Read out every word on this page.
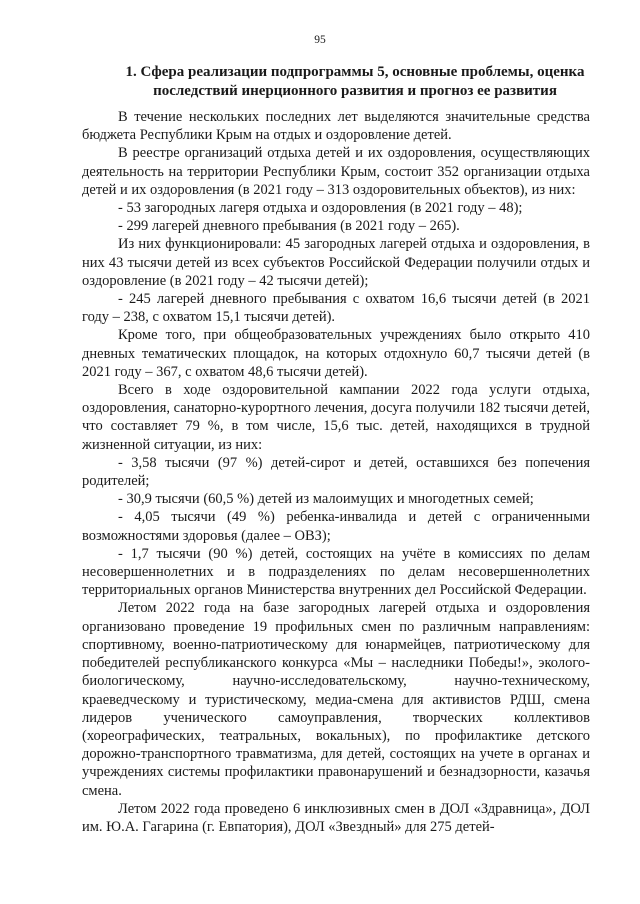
95
1. Сфера реализации подпрограммы 5, основные проблемы, оценка последствий инерционного развития и прогноз ее развития

В течение нескольких последних лет выделяются значительные средства бюджета Республики Крым на отдых и оздоровление детей.

В реестре организаций отдыха детей и их оздоровления, осуществляющих деятельность на территории Республики Крым, состоит 352 организации отдыха детей и их оздоровления (в 2021 году – 313 оздоровительных объектов), из них:

- 53 загородных лагеря отдыха и оздоровления (в 2021 году – 48);

- 299 лагерей дневного пребывания (в 2021 году – 265).

Из них функционировали: 45 загородных лагерей отдыха и оздоровления, в них 43 тысячи детей из всех субъектов Российской Федерации получили отдых и оздоровление (в 2021 году – 42 тысячи детей);

- 245 лагерей дневного пребывания с охватом 16,6 тысячи детей (в 2021 году – 238, с охватом 15,1 тысячи детей).

Кроме того, при общеобразовательных учреждениях было открыто 410 дневных тематических площадок, на которых отдохнуло 60,7 тысячи детей (в 2021 году – 367, с охватом 48,6 тысячи детей).

Всего в ходе оздоровительной кампании 2022 года услуги отдыха, оздоровления, санаторно-курортного лечения, досуга получили 182 тысячи детей, что составляет 79 %, в том числе, 15,6 тыс. детей, находящихся в трудной жизненной ситуации, из них:

- 3,58 тысячи (97 %) детей-сирот и детей, оставшихся без попечения родителей;

- 30,9 тысячи (60,5 %) детей из малоимущих и многодетных семей;

- 4,05 тысячи (49 %) ребенка-инвалида и детей с ограниченными возможностями здоровья (далее – ОВЗ);

- 1,7 тысячи (90 %) детей, состоящих на учёте в комиссиях по делам несовершеннолетних и в подразделениях по делам несовершеннолетних территориальных органов Министерства внутренних дел Российской Федерации.

Летом 2022 года на базе загородных лагерей отдыха и оздоровления организовано проведение 19 профильных смен по различным направлениям: спортивному, военно-патриотическому для юнармейцев, патриотическому для победителей республиканского конкурса «Мы – наследники Победы!», эколого-биологическому, научно-исследовательскому, научно-техническому, краеведческому и туристическому, медиа-смена для активистов РДШ, смена лидеров ученического самоуправления, творческих коллективов (хореографических, театральных, вокальных), по профилактике детского дорожно-транспортного травматизма, для детей, состоящих на учете в органах и учреждениях системы профилактики правонарушений и безнадзорности, казачья смена.

Летом 2022 года проведено 6 инклюзивных смен в ДОЛ «Здравница», ДОЛ им. Ю.А. Гагарина (г. Евпатория), ДОЛ «Звездный» для 275 детей-
